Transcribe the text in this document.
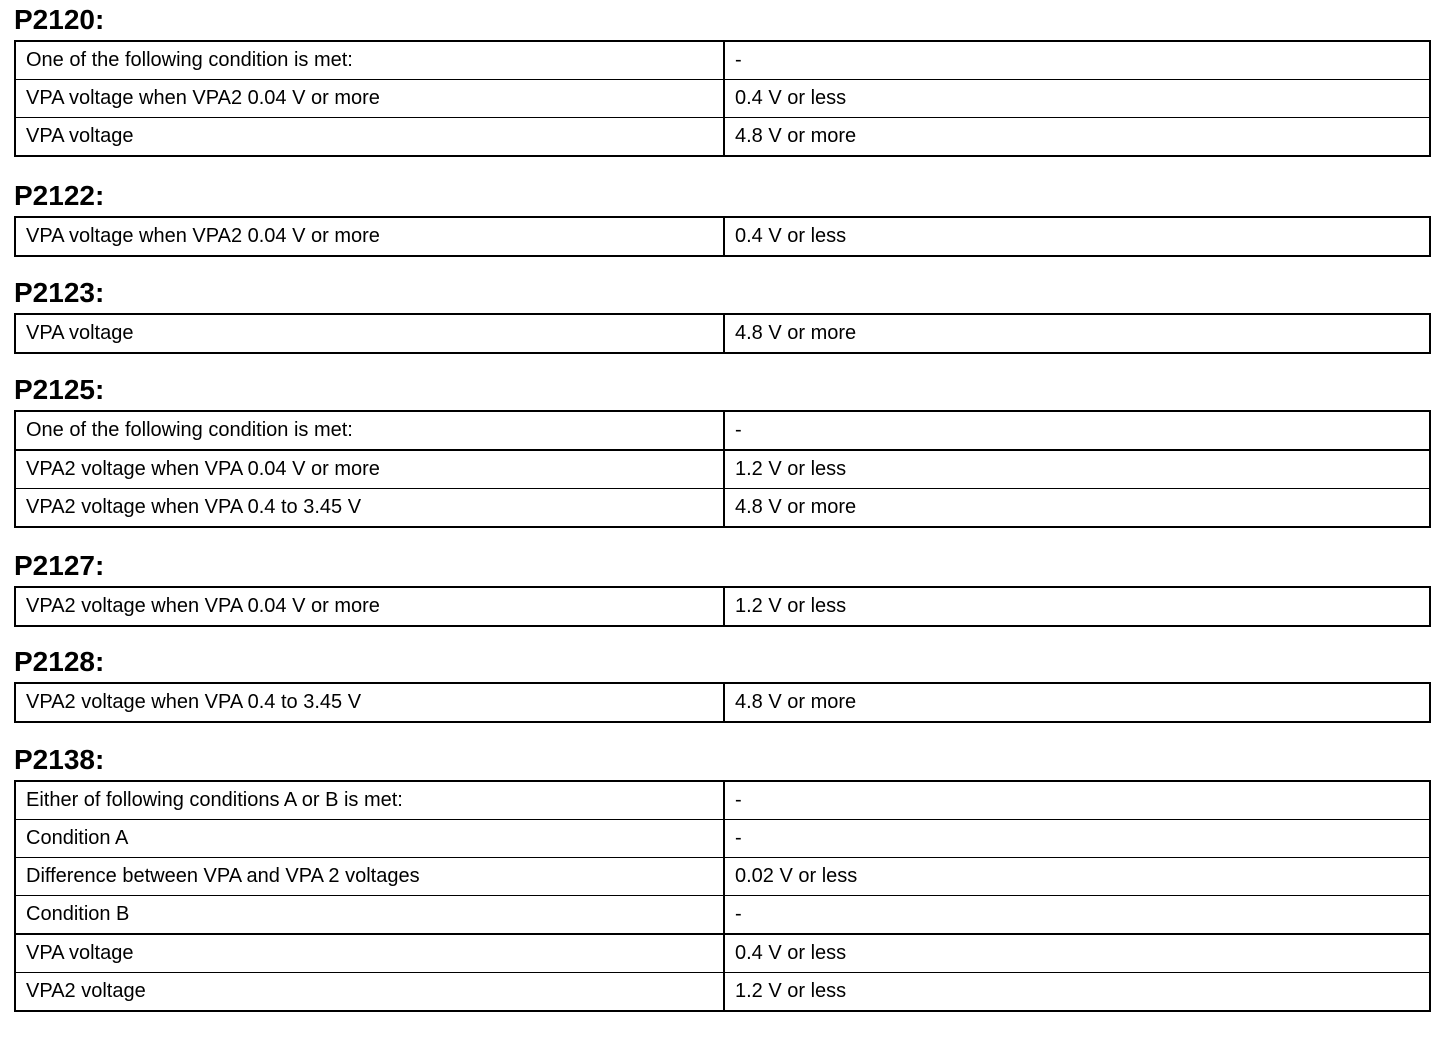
P2120:
One of the following condition is met:	-
VPA voltage when VPA2 0.04 V or more	0.4 V or less
VPA voltage	4.8 V or more
P2122:
VPA voltage when VPA2 0.04 V or more	0.4 V or less
P2123:
VPA voltage	4.8 V or more
P2125:
One of the following condition is met:	-
VPA2 voltage when VPA 0.04 V or more	1.2 V or less
VPA2 voltage when VPA 0.4 to 3.45 V	4.8 V or more
P2127:
VPA2 voltage when VPA 0.04 V or more	1.2 V or less
P2128:
VPA2 voltage when VPA 0.4 to 3.45 V	4.8 V or more
P2138:
Either of following conditions A or B is met:	-
Condition A	-
Difference between VPA and VPA 2 voltages	0.02 V or less
Condition B	-
VPA voltage	0.4 V or less
VPA2 voltage	1.2 V or less
